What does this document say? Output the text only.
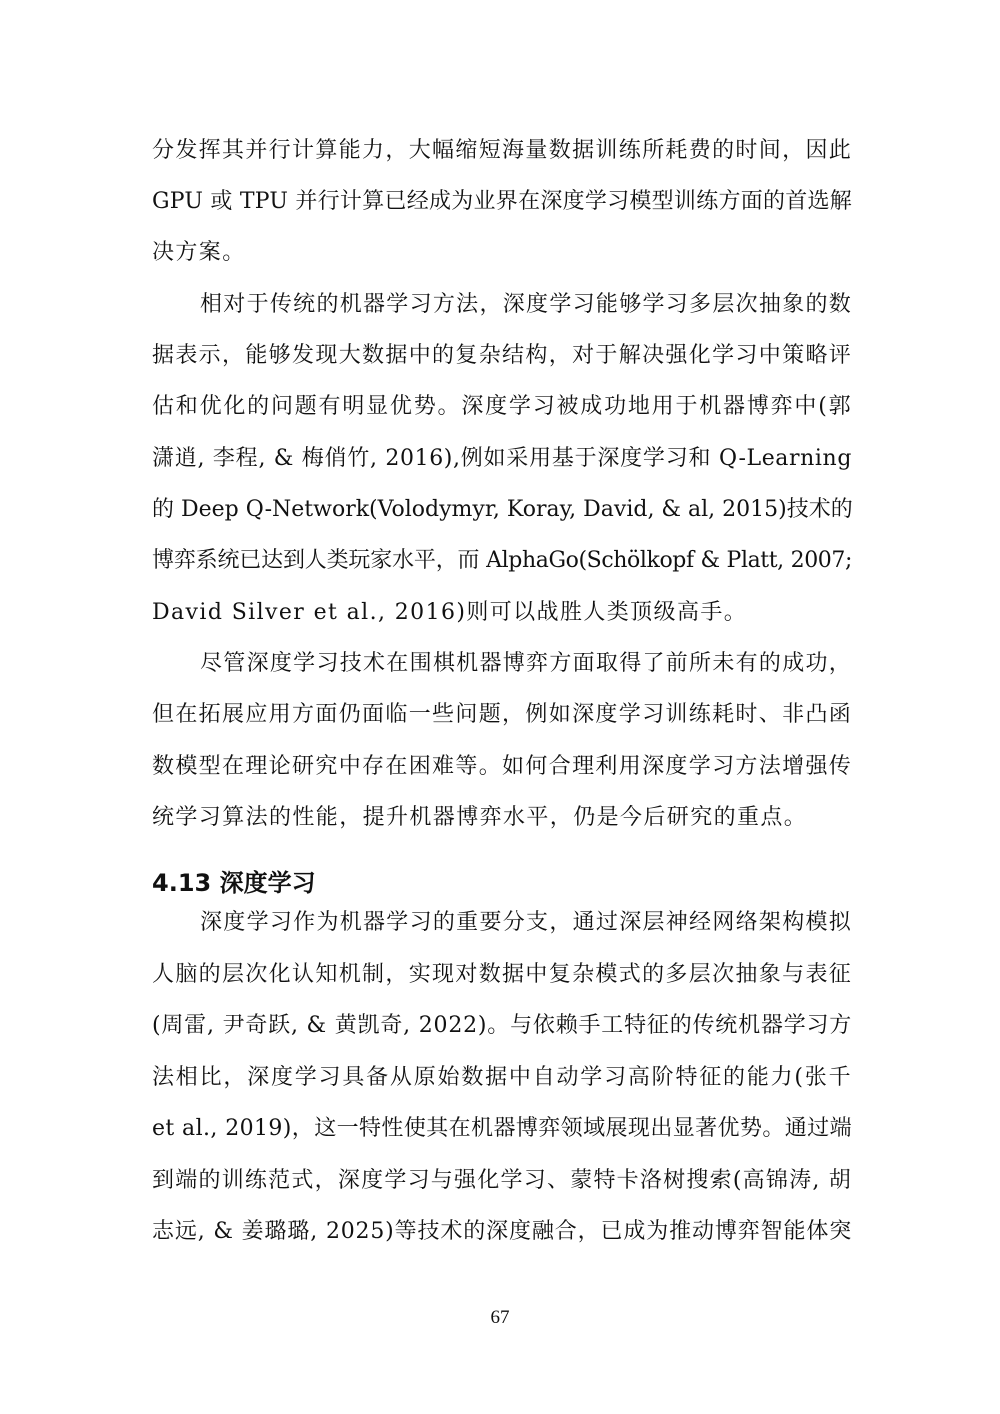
分发挥其并行计算能力，大幅缩短海量数据训练所耗费的时间，因此
GPU 或 TPU 并行计算已经成为业界在深度学习模型训练方面的首选解
决方案。
相对于传统的机器学习方法，深度学习能够学习多层次抽象的数
据表示，能够发现大数据中的复杂结构，对于解决强化学习中策略评
估和优化的问题有明显优势。深度学习被成功地用于机器博弈中(郭
潇逍, 李程, & 梅俏竹, 2016),例如采用基于深度学习和 Q-Learning
的 Deep Q-Network(Volodymyr, Koray, David, & al, 2015)技术的
博弈系统已达到人类玩家水平，而 AlphaGo(Schölkopf & Platt, 2007;
David Silver et al., 2016)则可以战胜人类顶级高手。
尽管深度学习技术在围棋机器博弈方面取得了前所未有的成功，
但在拓展应用方面仍面临一些问题，例如深度学习训练耗时、非凸函
数模型在理论研究中存在困难等。如何合理利用深度学习方法增强传
统学习算法的性能，提升机器博弈水平，仍是今后研究的重点。
4.13 深度学习
深度学习作为机器学习的重要分支，通过深层神经网络架构模拟
人脑的层次化认知机制，实现对数据中复杂模式的多层次抽象与表征
(周雷, 尹奇跃, & 黄凯奇, 2022)。与依赖手工特征的传统机器学习方
法相比，深度学习具备从原始数据中自动学习高阶特征的能力(张千
et al., 2019)，这一特性使其在机器博弈领域展现出显著优势。通过端
到端的训练范式，深度学习与强化学习、蒙特卡洛树搜索(高锦涛, 胡
志远, & 姜璐璐, 2025)等技术的深度融合，已成为推动博弈智能体突
67
